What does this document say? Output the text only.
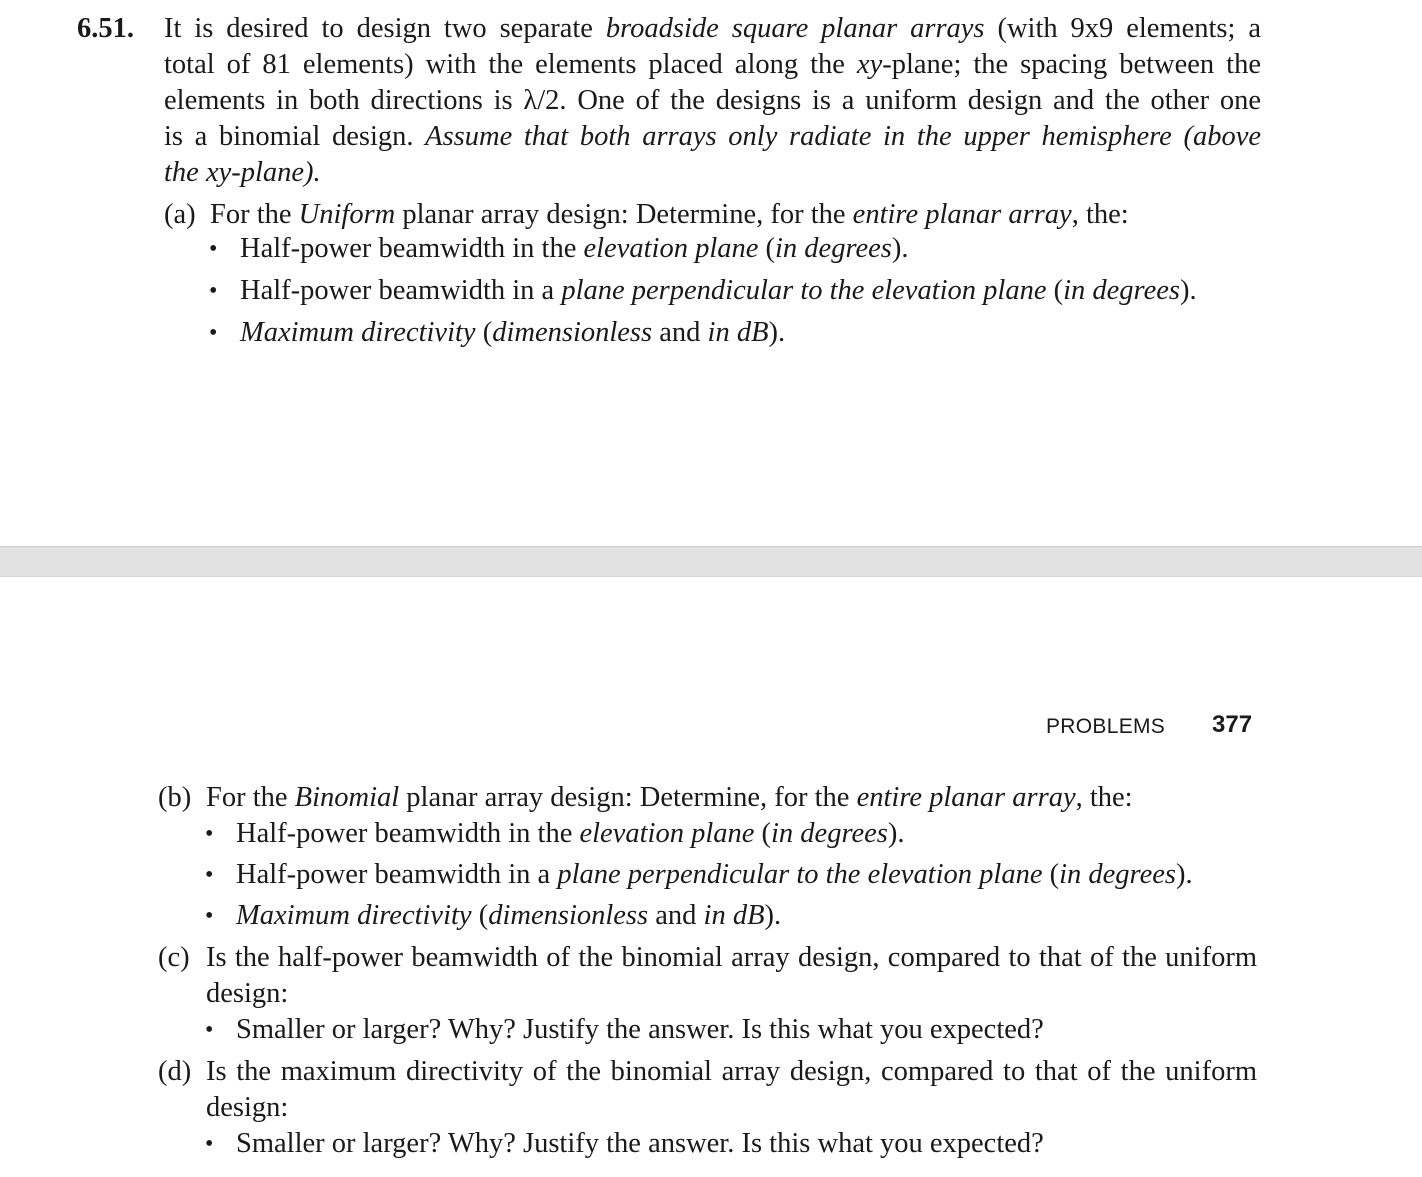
6.51. It is desired to design two separate broadside square planar arrays (with 9x9 elements; a
total of 81 elements) with the elements placed along the xy-plane; the spacing between the
elements in both directions is λ/2. One of the designs is a uniform design and the other one
is a binomial design. Assume that both arrays only radiate in the upper hemisphere (above
the xy-plane).
(a) For the Uniform planar array design: Determine, for the entire planar array, the:
• Half-power beamwidth in the elevation plane (in degrees).
• Half-power beamwidth in a plane perpendicular to the elevation plane (in degrees).
• Maximum directivity (dimensionless and in dB).
PROBLEMS 377
(b) For the Binomial planar array design: Determine, for the entire planar array, the:
• Half-power beamwidth in the elevation plane (in degrees).
• Half-power beamwidth in a plane perpendicular to the elevation plane (in degrees).
• Maximum directivity (dimensionless and in dB).
(c) Is the half-power beamwidth of the binomial array design, compared to that of the uniform
design:
• Smaller or larger? Why? Justify the answer. Is this what you expected?
(d) Is the maximum directivity of the binomial array design, compared to that of the uniform
design:
• Smaller or larger? Why? Justify the answer. Is this what you expected?
